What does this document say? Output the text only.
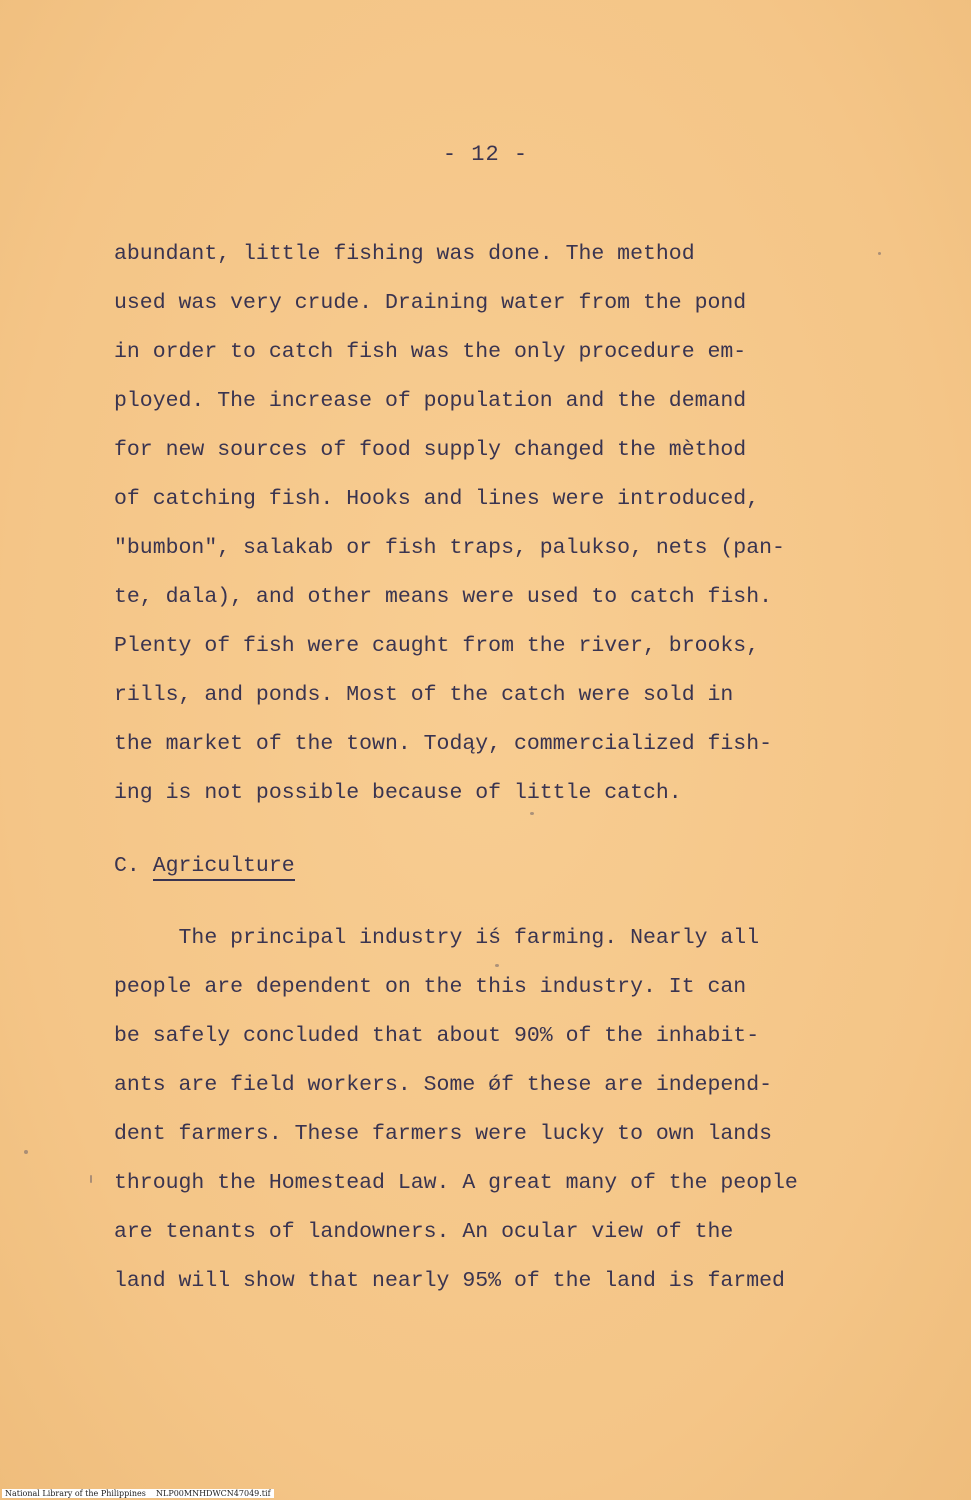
- 12 -
abundant, little fishing was done. The method
used was very crude. Draining water from the pond
in order to catch fish was the only procedure em-
ployed. The increase of population and the demand
for new sources of food supply changed the mèthod
of catching fish. Hooks and lines were introduced,
"bumbon", salakab or fish traps, palukso, nets (pan-
te, dala), and other means were used to catch fish.
Plenty of fish were caught from the river, brooks,
rills, and ponds. Most of the catch were sold in
the market of the town. Todąy, commercialized fish-
ing is not possible because of little catch.
C. Agriculture
The principal industry iś farming. Nearly all
people are dependent on the this industry. It can
be safely concluded that about 90% of the inhabit-
ants are field workers. Some ǿf these are independ-
dent farmers. These farmers were lucky to own lands
through the Homestead Law. A great many of the people
are tenants of landowners. An ocular view of the
land will show that nearly 95% of the land is farmed
National Library of the Philippines NLP00MNHDWCN47049.tif
